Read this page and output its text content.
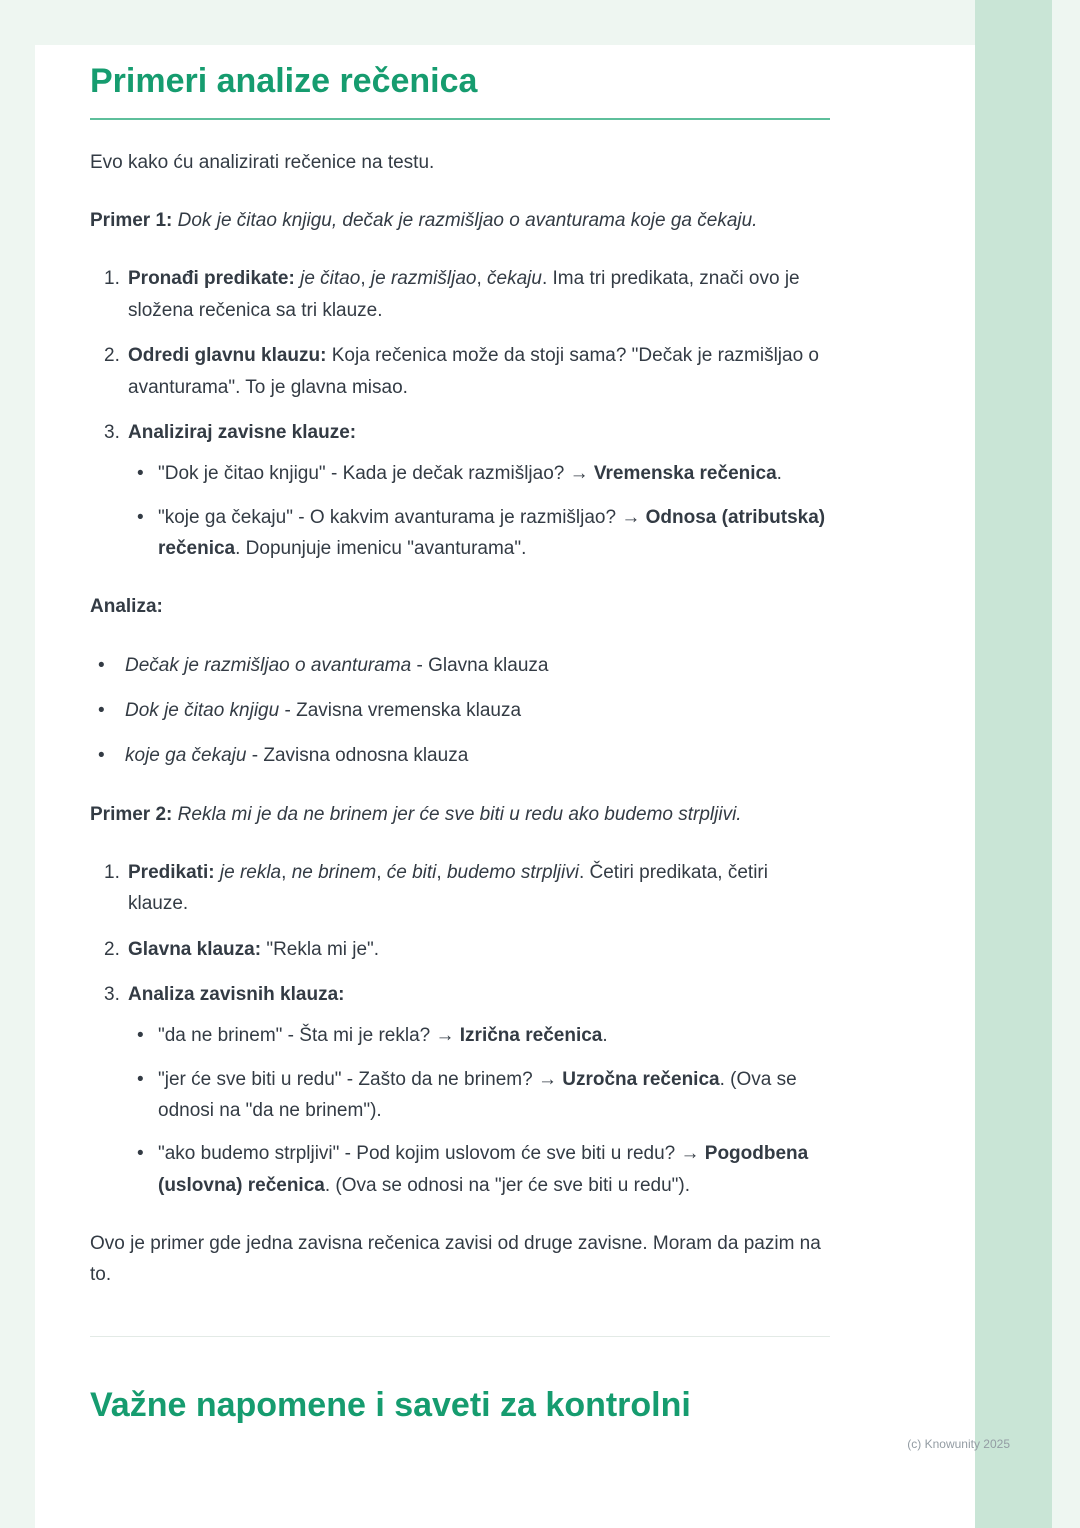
Primeri analize rečenica

Evo kako ću analizirati rečenice na testu.

Primer 1: Dok je čitao knjigu, dečak je razmišljao o avanturama koje ga čekaju.

1. Pronađi predikate: je čitao, je razmišljao, čekaju. Ima tri predikata, znači ovo je složena rečenica sa tri klauze.
2. Odredi glavnu klauzu: Koja rečenica može da stoji sama? "Dečak je razmišljao o avanturama". To je glavna misao.
3. Analiziraj zavisne klauze:
• "Dok je čitao knjigu" - Kada je dečak razmišljao? → Vremenska rečenica.
• "koje ga čekaju" - O kakvim avanturama je razmišljao? → Odnosa (atributska) rečenica. Dopunjuje imenicu "avanturama".

Analiza:

•	Dečak je razmišljao o avanturama - Glavna klauza
•	Dok je čitao knjigu - Zavisna vremenska klauza
•	koje ga čekaju - Zavisna odnosna klauza

Primer 2: Rekla mi je da ne brinem jer će sve biti u redu ako budemo strpljivi.

1. Predikati: je rekla, ne brinem, će biti, budemo strpljivi. Četiri predikata, četiri klauze.
2. Glavna klauza: "Rekla mi je".
3. Analiza zavisnih klauza:
• "da ne brinem" - Šta mi je rekla? → Izrična rečenica.
• "jer će sve biti u redu" - Zašto da ne brinem? → Uzročna rečenica. (Ova se odnosi na "da ne brinem").
• "ako budemo strpljivi" - Pod kojim uslovom će sve biti u redu? → Pogodbena (uslovna) rečenica. (Ova se odnosi na "jer će sve biti u redu").

Ovo je primer gde jedna zavisna rečenica zavisi od druge zavisne. Moram da pazim na to.

Važne napomene i saveti za kontrolni
(c) Knowunity 2025
